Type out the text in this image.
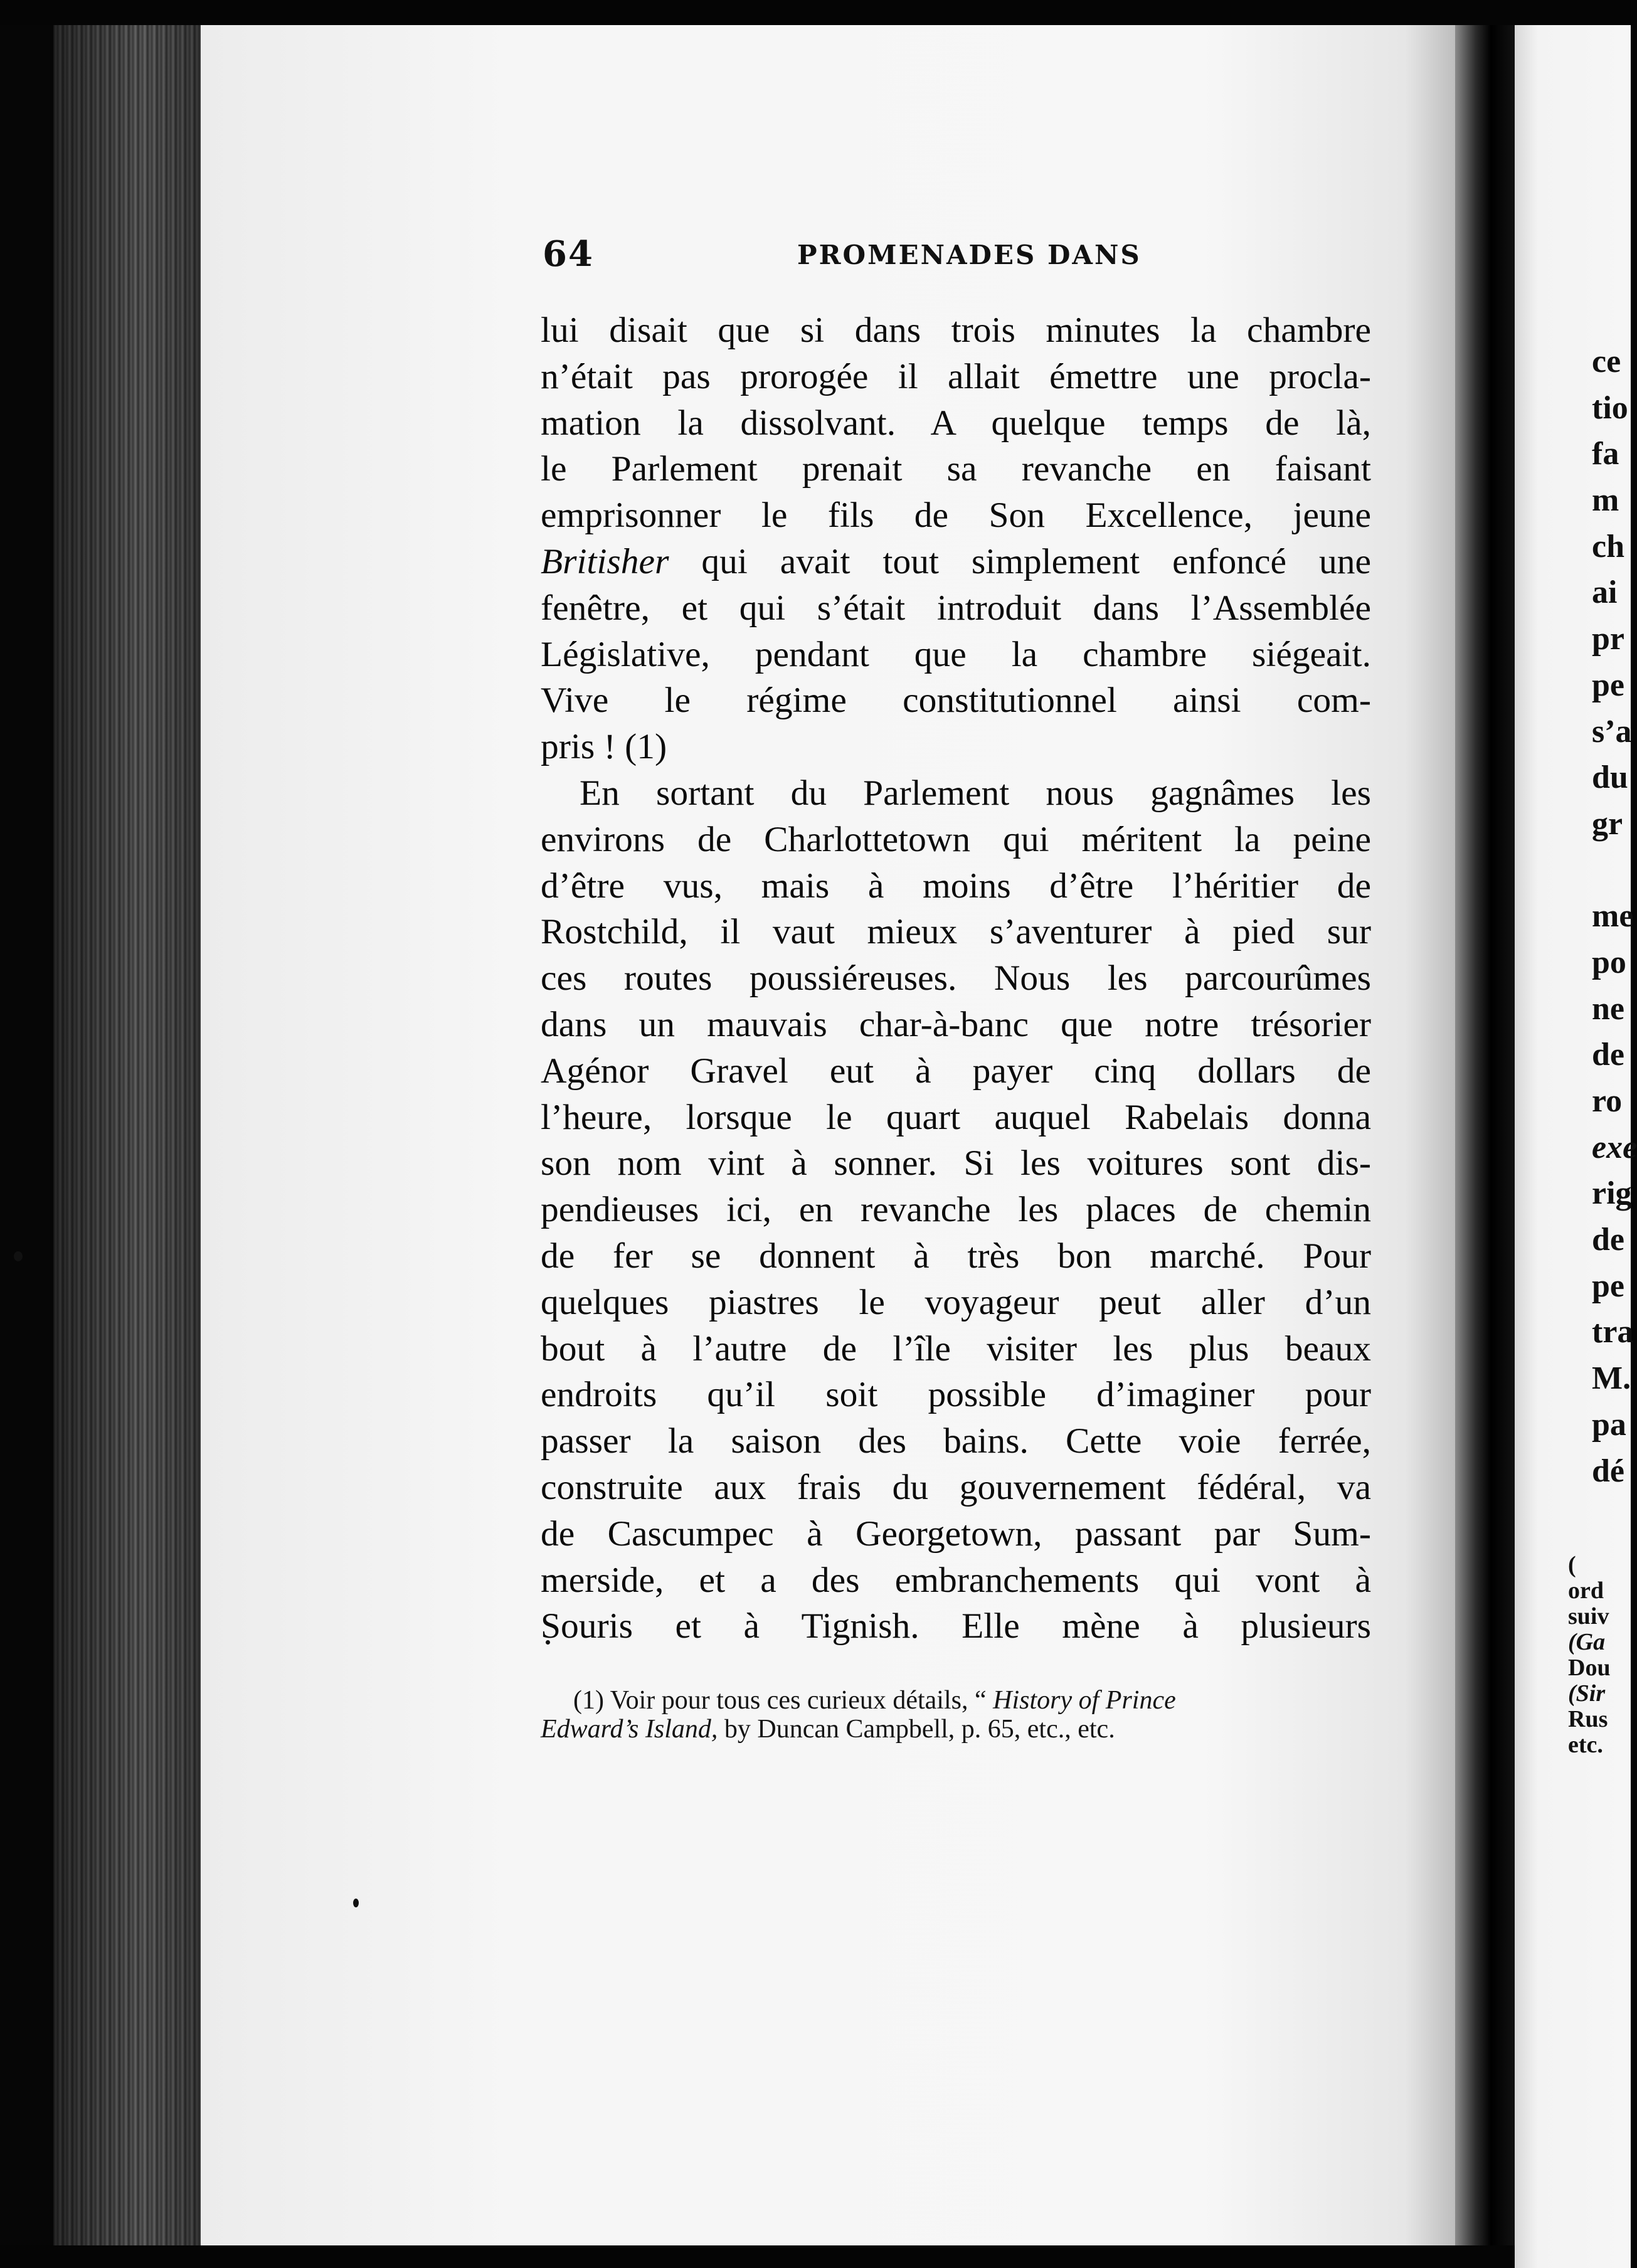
64	PROMENADES DANS
lui disait que si dans trois minutes la chambre
n’était pas prorogée il allait émettre une procla-
mation la dissolvant. A quelque temps de là,
le Parlement prenait sa revanche en faisant
emprisonner le fils de Son Excellence, jeune
Britisher qui avait tout simplement enfoncé une
fenêtre, et qui s’était introduit dans l’Assemblée
Législative, pendant que la chambre siégeait.
Vive le régime constitutionnel ainsi com-
pris ! (1)
En sortant du Parlement nous gagnâmes les
environs de Charlottetown qui méritent la peine
d’être vus, mais à moins d’être l’héritier de
Rostchild, il vaut mieux s’aventurer à pied sur
ces routes poussiéreuses. Nous les parcourûmes
dans un mauvais char-à-banc que notre trésorier
Agénor Gravel eut à payer cinq dollars de
l’heure, lorsque le quart auquel Rabelais donna
son nom vint à sonner. Si les voitures sont dis-
pendieuses ici, en revanche les places de chemin
de fer se donnent à très bon marché. Pour
quelques piastres le voyageur peut aller d’un
bout à l’autre de l’île visiter les plus beaux
endroits qu’il soit possible d’imaginer pour
passer la saison des bains. Cette voie ferrée,
construite aux frais du gouvernement fédéral, va
de Cascumpec à Georgetown, passant par Sum-
merside, et a des embranchements qui vont à
Souris et à Tignish. Elle mène à plusieurs
(1) Voir pour tous ces curieux détails, “ History of Prince
Edward’s Island, by Duncan Campbell, p. 65, etc., etc.
ce
tio
fa
m
ch
ai
pr
pe
s’a
du
gr
me
po
ne
de
ro
exe
rig
de
pe
tra
M.
pa
dé
(
ord
suiv
(Ga
Dou
(Sir
Rus
etc.
